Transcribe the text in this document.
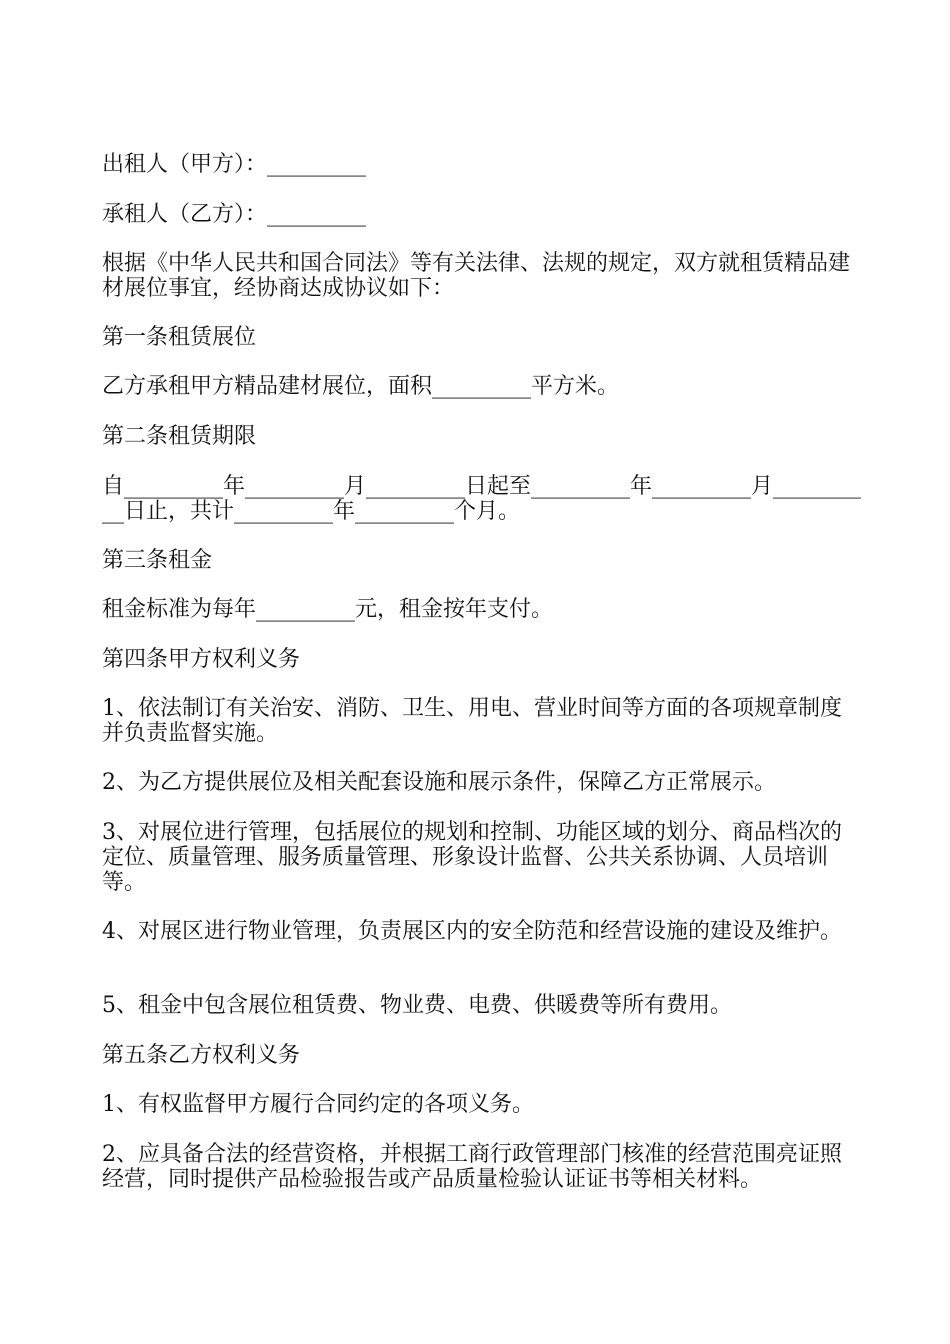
出租人（甲方）：_________

承租人（乙方）：_________

根据《中华人民共和国合同法》等有关法律、法规的规定，双方就租赁精品建材展位事宜，经协商达成协议如下：

第一条租赁展位

乙方承租甲方精品建材展位，面积_________平方米。

第二条租赁期限

自_________年_________月_________日起至_________年_________月__________日止，共计_________年_________个月。

第三条租金

租金标准为每年_________元，租金按年支付。

第四条甲方权利义务

1、依法制订有关治安、消防、卫生、用电、营业时间等方面的各项规章制度并负责监督实施。

2、为乙方提供展位及相关配套设施和展示条件，保障乙方正常展示。

3、对展位进行管理，包括展位的规划和控制、功能区域的划分、商品档次的定位、质量管理、服务质量管理、形象设计监督、公共关系协调、人员培训等。

4、对展区进行物业管理，负责展区内的安全防范和经营设施的建设及维护。

5、租金中包含展位租赁费、物业费、电费、供暖费等所有费用。

第五条乙方权利义务

1、有权监督甲方履行合同约定的各项义务。

2、应具备合法的经营资格，并根据工商行政管理部门核准的经营范围亮证照经营，同时提供产品检验报告或产品质量检验认证证书等相关材料。
